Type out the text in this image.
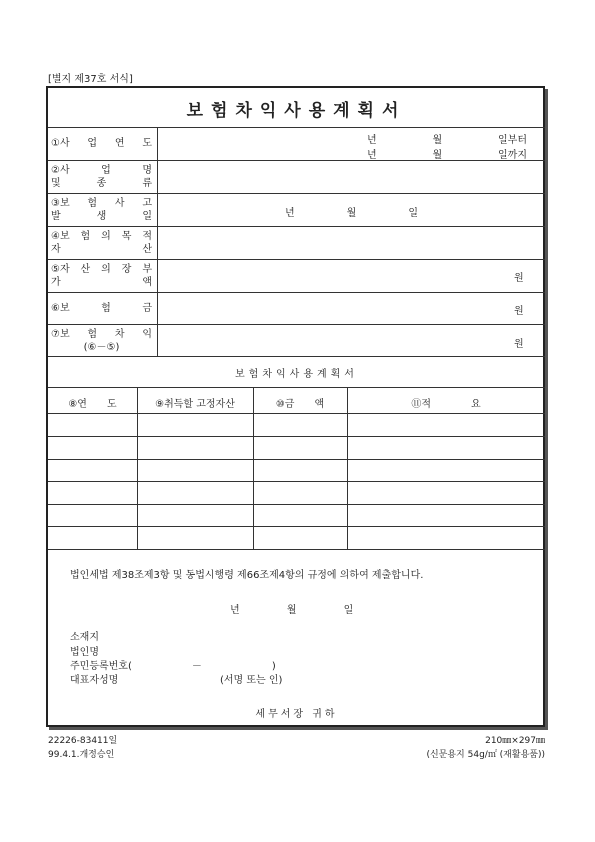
[별지 제37호 서식]
보험차익사용계획서
①사 업 연 도	년	월	일부터
년	월	일까지
②사	업	명
및	종	류
③보 험 사 고
발	생	일	년	월	일
④보 험 의 목 적
자	산
⑤자 산 의 장 부
가	액	원
⑥보	험	금	원
⑦보 험 차 익
(⑥－⑤)	원
보험차익사용계획서
⑧연　　도	⑨취득할 고정자산	⑩금　　액	⑪적　　　　요
법인세법 제38조제3항 및 동법시행령 제66조제4항의 규정에 의하여 제출합니다.
년 월 일
소재지
법인명
주민등록번호(　　　　　　－　　　　　　　)
대표자성명	(서명 또는 인)
세무서장 귀하
22226-83411일
99.4.1.개정승인
210㎜×297㎜
(신문용지 54g/㎡ (재활용품))
